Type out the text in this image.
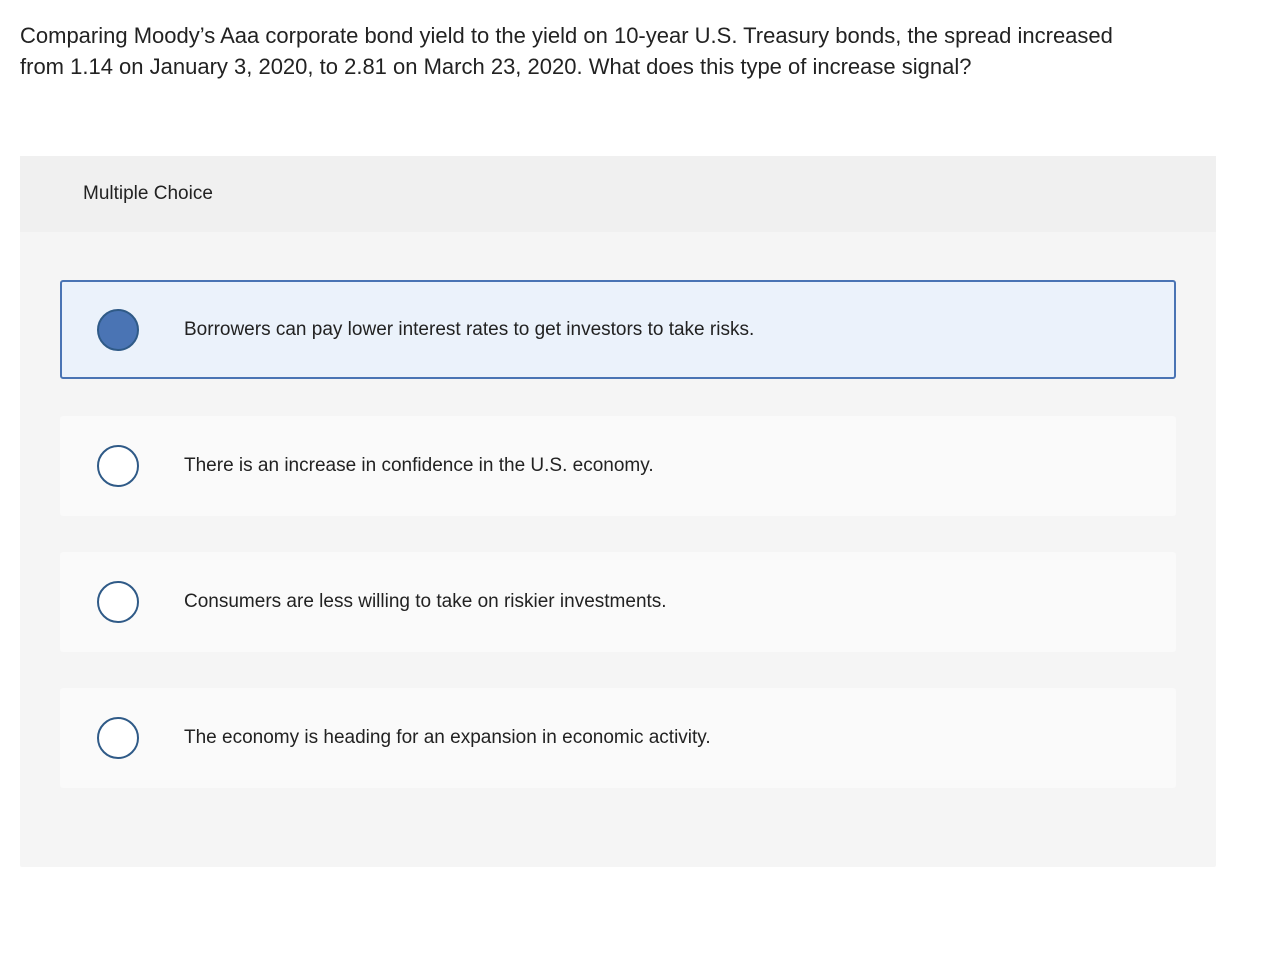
Comparing Moody’s Aaa corporate bond yield to the yield on 10-year U.S. Treasury bonds, the spread increased
from 1.14 on January 3, 2020, to 2.81 on March 23, 2020. What does this type of increase signal?
Multiple Choice
Borrowers can pay lower interest rates to get investors to take risks.
There is an increase in confidence in the U.S. economy.
Consumers are less willing to take on riskier investments.
The economy is heading for an expansion in economic activity.
